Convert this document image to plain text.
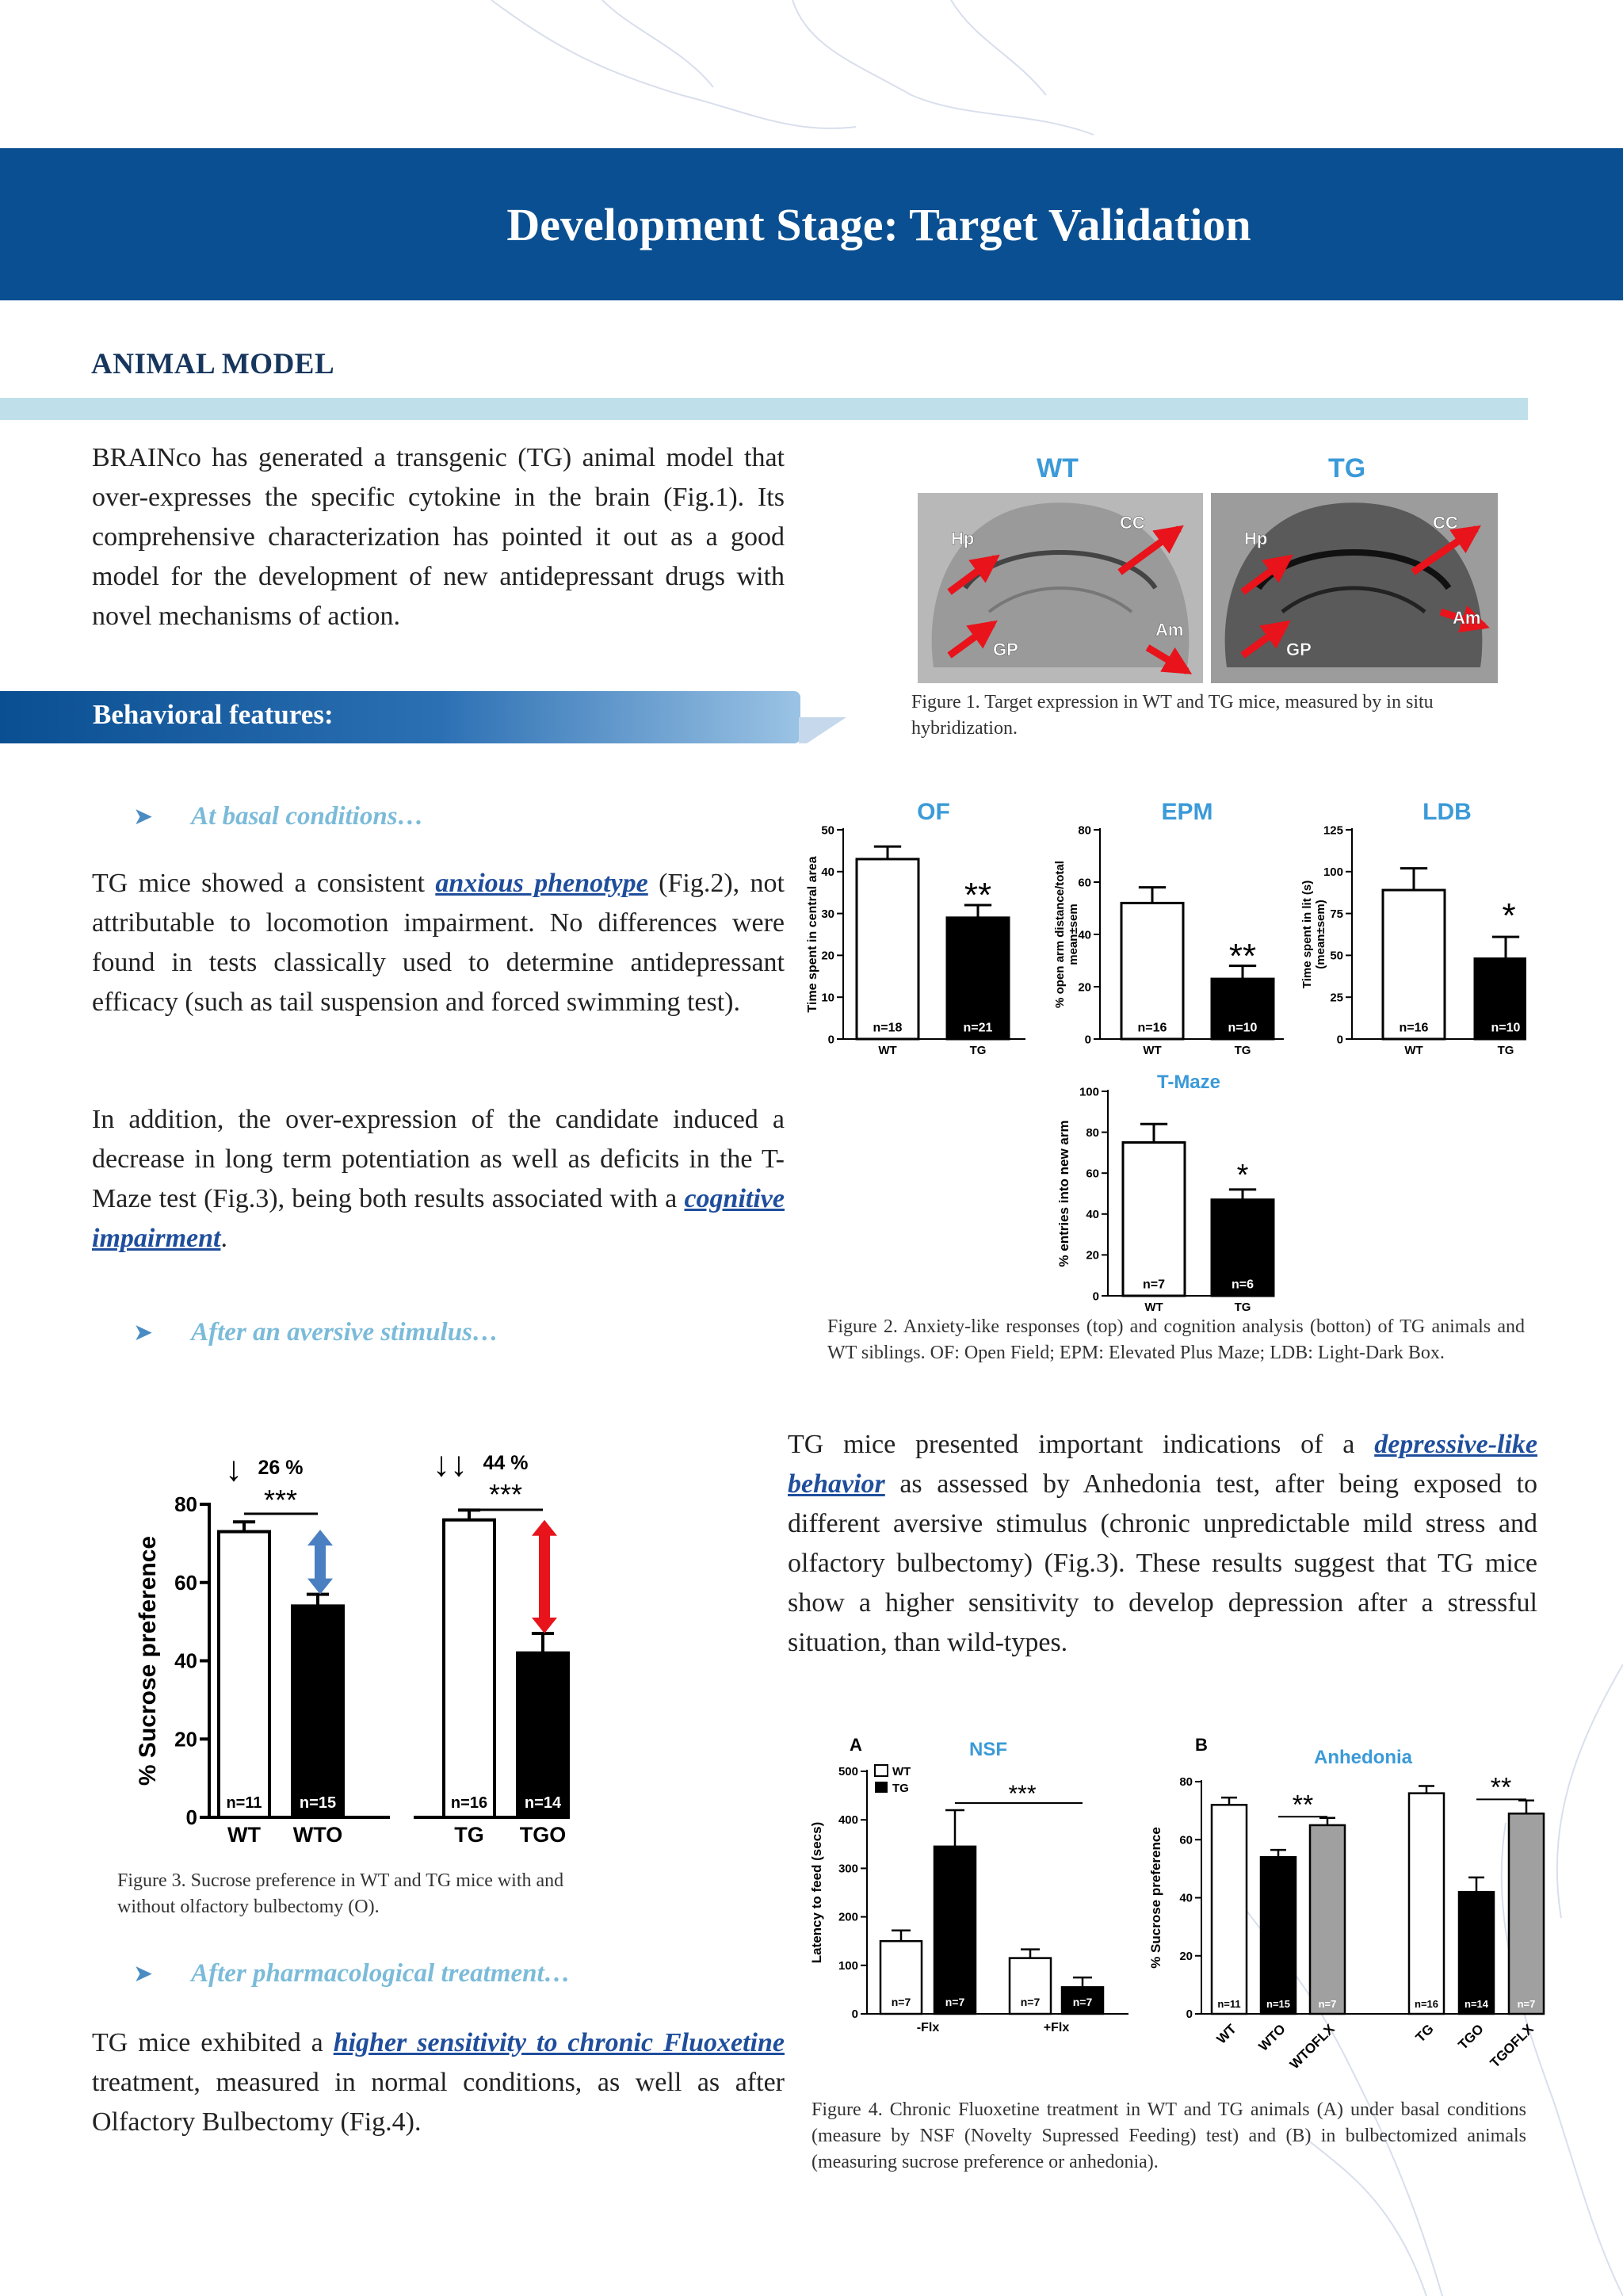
Development Stage: Target Validation
ANIMAL MODEL
BRAINco has generated a transgenic (TG) animal model that over-expresses the specific cytokine in the brain (Fig.1). Its comprehensive characterization has pointed it out as a good model for the development of new antidepressant drugs with novel mechanisms of action.
Behavioral features:
➤ At basal conditions…
TG mice showed a consistent anxious phenotype (Fig.2), not attributable to locomotion impairment. No differences were found in tests classically used to determine antidepressant efficacy (such as tail suspension and forced swimming test).
In addition, the over-expression of the candidate induced a decrease in long term potentiation as well as deficits in the T-Maze test (Fig.3), being both results associated with a cognitive impairment.
➤ After an aversive stimulus…
TG mice presented important indications of a depressive-like behavior as assessed by Anhedonia test, after being exposed to different aversive stimulus (chronic unpredictable mild stress and olfactory bulbectomy) (Fig.3). These results suggest that TG mice show a higher sensitivity to develop depression after a stressful situation, than wild-types.
➤ After pharmacological treatment…
TG mice exhibited a higher sensitivity to chronic Fluoxetine treatment, measured in normal conditions, as well as after Olfactory Bulbectomy (Fig.4).
WT	TG
Hp
CC
Am
GP
Hp
CC
Am
GP
Figure 1. Target expression in WT and TG mice, measured by in situ hybridization.
OF
0
10
20
30
40
50
Time spent in central area
n=18
WT
n=21
TG
**
EPM
0
20
40
60
80
% open arm distance/total mean±sem
n=16
WT
n=10
TG
**
LDB
0
25
50
75
100
125
Time spent in lit (s) (mean±sem)
n=16
WT
n=10
TG
*
T-Maze
0
20
40
60
80
100
% entries into new arm
n=7
WT
n=6
TG
*
Figure 2. Anxiety-like responses (top) and cognition analysis (botton) of TG animals and WT siblings. OF: Open Field; EPM: Elevated Plus Maze; LDB: Light-Dark Box.
0
20
40
60
80
% Sucrose preference
n=11
WT
n=15
WTO
n=16
TG
n=14
TGO
↓ 26 %
***
↓↓ 44 %
***
Figure 3. Sucrose preference in WT and TG mice with and without olfactory bulbectomy (O).
A	NSF
0
100
200
300
400
500
Latency to feed (secs)
WT
TG
n=7	n=7
-Flx
n=7	n=7
+Flx
***
B
Anhedonia
0
20
40
60
80
% Sucrose preference
n=11
WT
n=15
WTO
n=7
WTOFLX
n=16
TG
n=14
TGO
n=7
TGOFLX
**
**
Figure 4. Chronic Fluoxetine treatment in WT and TG animals (A) under basal conditions (measure by NSF (Novelty Supressed Feeding) test) and (B) in bulbectomized animals (measuring sucrose preference or anhedonia).
